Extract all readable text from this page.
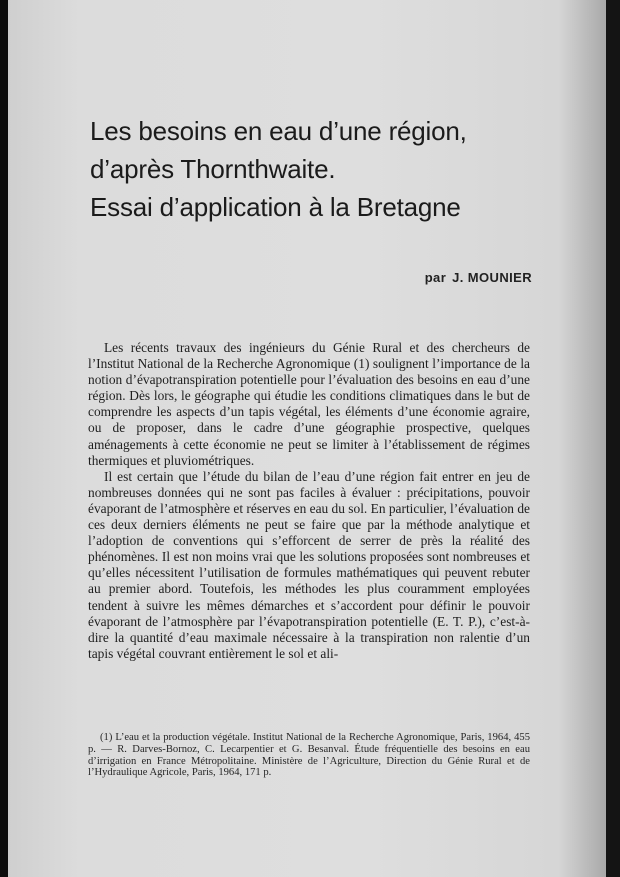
Les besoins en eau d’une région,
d’après Thornthwaite.
Essai d’application à la Bretagne
par J. MOUNIER

Les récents travaux des ingénieurs du Génie Rural et des chercheurs de l’Institut National de la Recherche Agronomique (1) soulignent l’importance de la notion d’évapotranspiration potentielle pour l’évaluation des besoins en eau d’une région. Dès lors, le géographe qui étudie les conditions climatiques dans le but de comprendre les aspects d’un tapis végétal, les éléments d’une économie agraire, ou de proposer, dans le cadre d’une géographie prospective, quelques aménagements à cette économie ne peut se limiter à l’établissement de régimes thermiques et pluviométriques.

Il est certain que l’étude du bilan de l’eau d’une région fait entrer en jeu de nombreuses données qui ne sont pas faciles à évaluer : précipitations, pouvoir évaporant de l’atmosphère et réserves en eau du sol. En particulier, l’évaluation de ces deux derniers éléments ne peut se faire que par la méthode analytique et l’adoption de conventions qui s’efforcent de serrer de près la réalité des phénomènes. Il est non moins vrai que les solutions proposées sont nombreuses et qu’elles nécessitent l’utilisation de formules mathématiques qui peuvent rebuter au premier abord. Toutefois, les méthodes les plus couramment employées tendent à suivre les mêmes démarches et s’accordent pour définir le pouvoir évaporant de l’atmosphère par l’évapotranspiration potentielle (E. T. P.), c’est-à-dire la quantité d’eau maximale nécessaire à la transpiration non ralentie d’un tapis végétal couvrant entièrement le sol et ali-

(1) L’eau et la production végétale. Institut National de la Recherche Agronomique, Paris, 1964, 455 p. — R. Darves-Bornoz, C. Lecarpentier et G. Besanval. Étude fréquentielle des besoins en eau d’irrigation en France Métropolitaine. Ministère de l’Agriculture, Direction du Génie Rural et de l’Hydraulique Agricole, Paris, 1964, 171 p.
